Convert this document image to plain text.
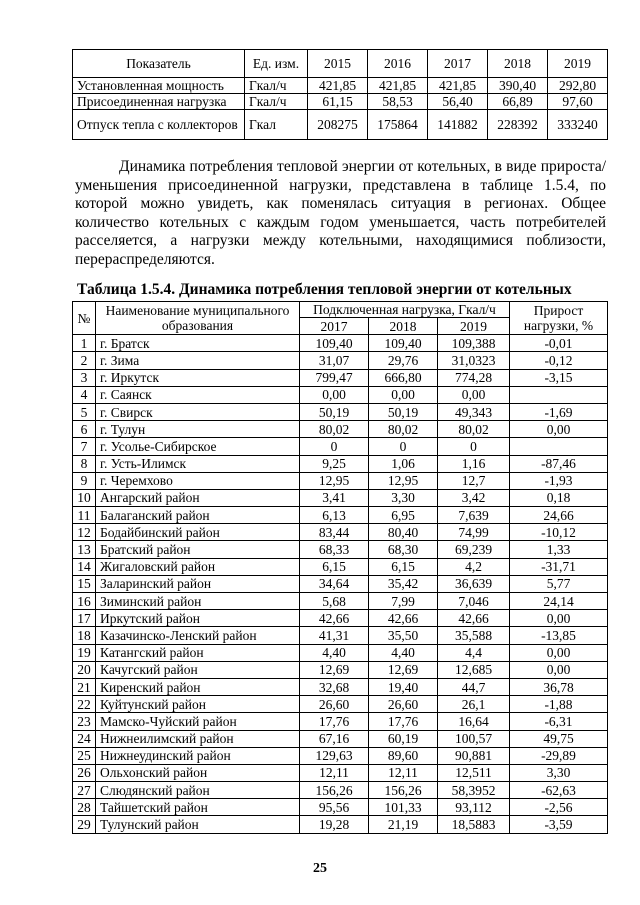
Показатель	Ед. изм.	2015	2016	2017	2018	2019
Установленная мощность	Гкал/ч	421,85	421,85	421,85	390,40	292,80
Присоединенная нагрузка	Гкал/ч	61,15	58,53	56,40	66,89	97,60
Отпуск тепла с коллекторов	Гкал	208275	175864	141882	228392	333240

Динамика потребления тепловой энергии от котельных, в виде прироста/уменьшения присоединенной нагрузки, представлена в таблице 1.5.4, по которой можно увидеть, как поменялась ситуация в регионах. Общее количество котельных с каждым годом уменьшается, часть потребителей расселяется, а нагрузки между котельными, находящимися поблизости, перераспределяются.

Таблица 1.5.4. Динамика потребления тепловой энергии от котельных
№	Наименование муниципального образования	Подключенная нагрузка, Гкал/ч			Прирост нагрузки, %
		2017	2018	2019	
1	г. Братск	109,40	109,40	109,388	-0,01
2	г. Зима	31,07	29,76	31,0323	-0,12
3	г. Иркутск	799,47	666,80	774,28	-3,15
4	г. Саянск	0,00	0,00	0,00	
5	г. Свирск	50,19	50,19	49,343	-1,69
6	г. Тулун	80,02	80,02	80,02	0,00
7	г. Усолье-Сибирское	0	0	0	
8	г. Усть-Илимск	9,25	1,06	1,16	-87,46
9	г. Черемхово	12,95	12,95	12,7	-1,93
10	Ангарский район	3,41	3,30	3,42	0,18
11	Балаганский район	6,13	6,95	7,639	24,66
12	Бодайбинский район	83,44	80,40	74,99	-10,12
13	Братский район	68,33	68,30	69,239	1,33
14	Жигаловский район	6,15	6,15	4,2	-31,71
15	Заларинский район	34,64	35,42	36,639	5,77
16	Зиминский район	5,68	7,99	7,046	24,14
17	Иркутский район	42,66	42,66	42,66	0,00
18	Казачинско-Ленский район	41,31	35,50	35,588	-13,85
19	Катангский район	4,40	4,40	4,4	0,00
20	Качугский район	12,69	12,69	12,685	0,00
21	Киренский район	32,68	19,40	44,7	36,78
22	Куйтунский район	26,60	26,60	26,1	-1,88
23	Мамско-Чуйский район	17,76	17,76	16,64	-6,31
24	Нижнеилимский район	67,16	60,19	100,57	49,75
25	Нижнеудинский район	129,63	89,60	90,881	-29,89
26	Ольхонский район	12,11	12,11	12,511	3,30
27	Слюдянский район	156,26	156,26	58,3952	-62,63
28	Тайшетский район	95,56	101,33	93,112	-2,56
29	Тулунский район	19,28	21,19	18,5883	-3,59
25
